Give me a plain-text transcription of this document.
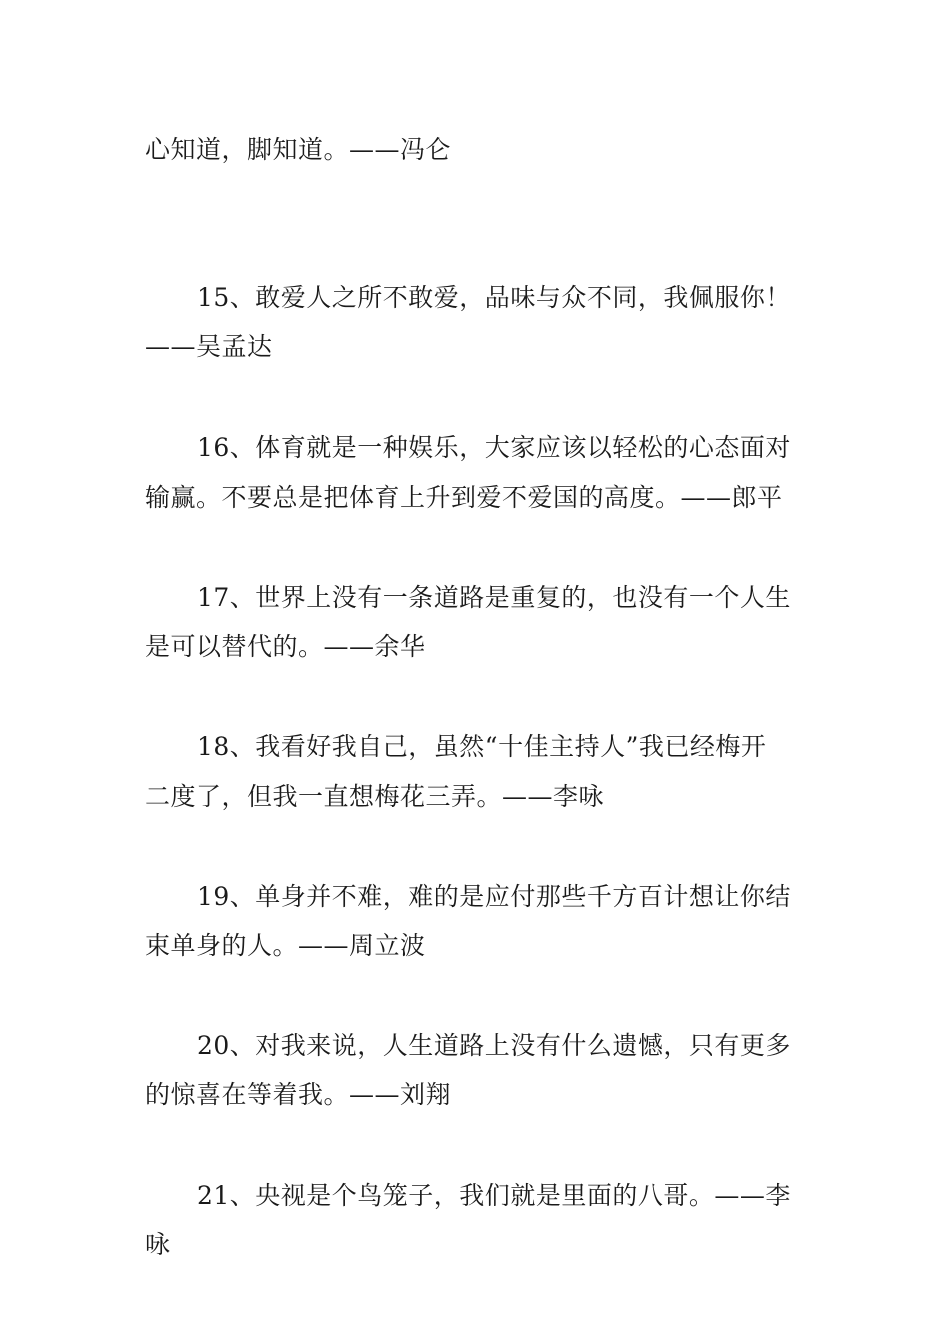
心知道，脚知道。——冯仑
15、敢爱人之所不敢爱，品味与众不同，我佩服你！
——吴孟达
16、体育就是一种娱乐，大家应该以轻松的心态面对
输赢。不要总是把体育上升到爱不爱国的高度。——郎平
17、世界上没有一条道路是重复的，也没有一个人生
是可以替代的。——余华
18、我看好我自己，虽然“十佳主持人”我已经梅开
二度了，但我一直想梅花三弄。——李咏
19、单身并不难，难的是应付那些千方百计想让你结
束单身的人。——周立波
20、对我来说，人生道路上没有什么遗憾，只有更多
的惊喜在等着我。——刘翔
21、央视是个鸟笼子，我们就是里面的八哥。——李
咏
